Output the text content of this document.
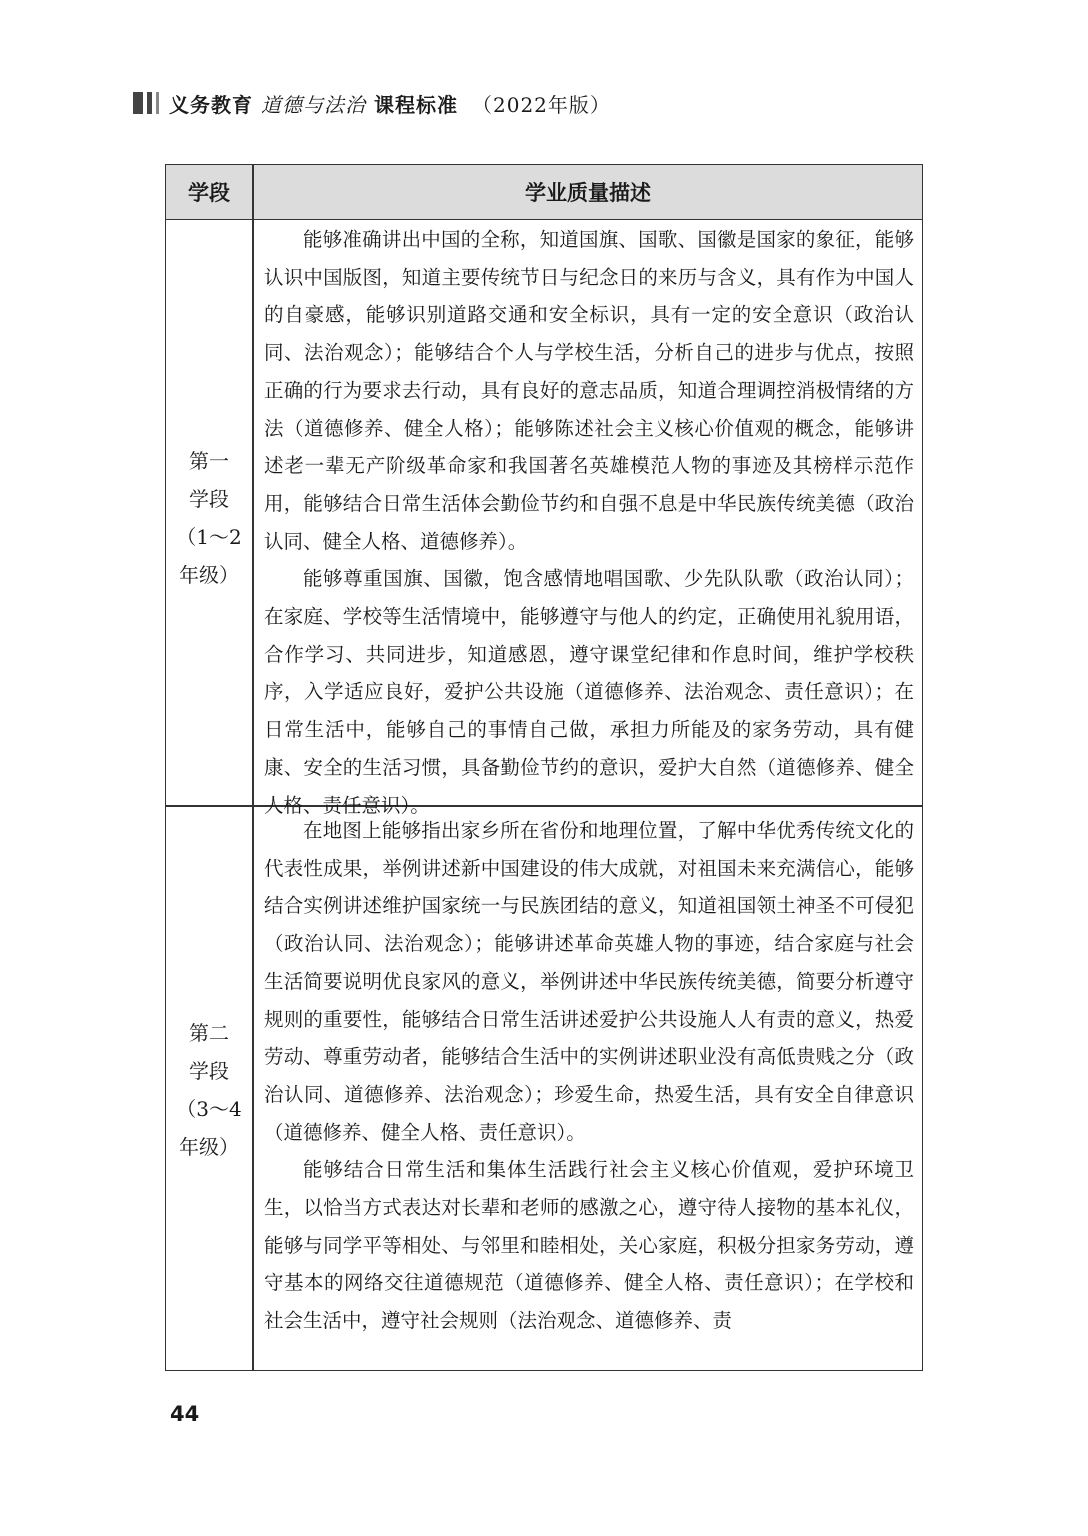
义务教育 道德与法治 课程标准 （2022年版）
学段	学业质量描述
第一
学段
（1～2
年级）

能够准确讲出中国的全称，知道国旗、国歌、国徽是国家的象征，能够认识中国版图，知道主要传统节日与纪念日的来历与含义，具有作为中国人的自豪感，能够识别道路交通和安全标识，具有一定的安全意识（政治认同、法治观念）；能够结合个人与学校生活，分析自己的进步与优点，按照正确的行为要求去行动，具有良好的意志品质，知道合理调控消极情绪的方法（道德修养、健全人格）；能够陈述社会主义核心价值观的概念，能够讲述老一辈无产阶级革命家和我国著名英雄模范人物的事迹及其榜样示范作用，能够结合日常生活体会勤俭节约和自强不息是中华民族传统美德（政治认同、健全人格、道德修养）。

能够尊重国旗、国徽，饱含感情地唱国歌、少先队队歌（政治认同）；在家庭、学校等生活情境中，能够遵守与他人的约定，正确使用礼貌用语，合作学习、共同进步，知道感恩，遵守课堂纪律和作息时间，维护学校秩序，入学适应良好，爱护公共设施（道德修养、法治观念、责任意识）；在日常生活中，能够自己的事情自己做，承担力所能及的家务劳动，具有健康、安全的生活习惯，具备勤俭节约的意识，爱护大自然（道德修养、健全人格、责任意识）。

第二
学段
（3～4
年级）

在地图上能够指出家乡所在省份和地理位置，了解中华优秀传统文化的代表性成果，举例讲述新中国建设的伟大成就，对祖国未来充满信心，能够结合实例讲述维护国家统一与民族团结的意义，知道祖国领土神圣不可侵犯（政治认同、法治观念）；能够讲述革命英雄人物的事迹，结合家庭与社会生活简要说明优良家风的意义，举例讲述中华民族传统美德，简要分析遵守规则的重要性，能够结合日常生活讲述爱护公共设施人人有责的意义，热爱劳动、尊重劳动者，能够结合生活中的实例讲述职业没有高低贵贱之分（政治认同、道德修养、法治观念）；珍爱生命，热爱生活，具有安全自律意识（道德修养、健全人格、责任意识）。

能够结合日常生活和集体生活践行社会主义核心价值观，爱护环境卫生，以恰当方式表达对长辈和老师的感激之心，遵守待人接物的基本礼仪，能够与同学平等相处、与邻里和睦相处，关心家庭，积极分担家务劳动，遵守基本的网络交往道德规范（道德修养、健全人格、责任意识）；在学校和社会生活中，遵守社会规则（法治观念、道德修养、责

44
